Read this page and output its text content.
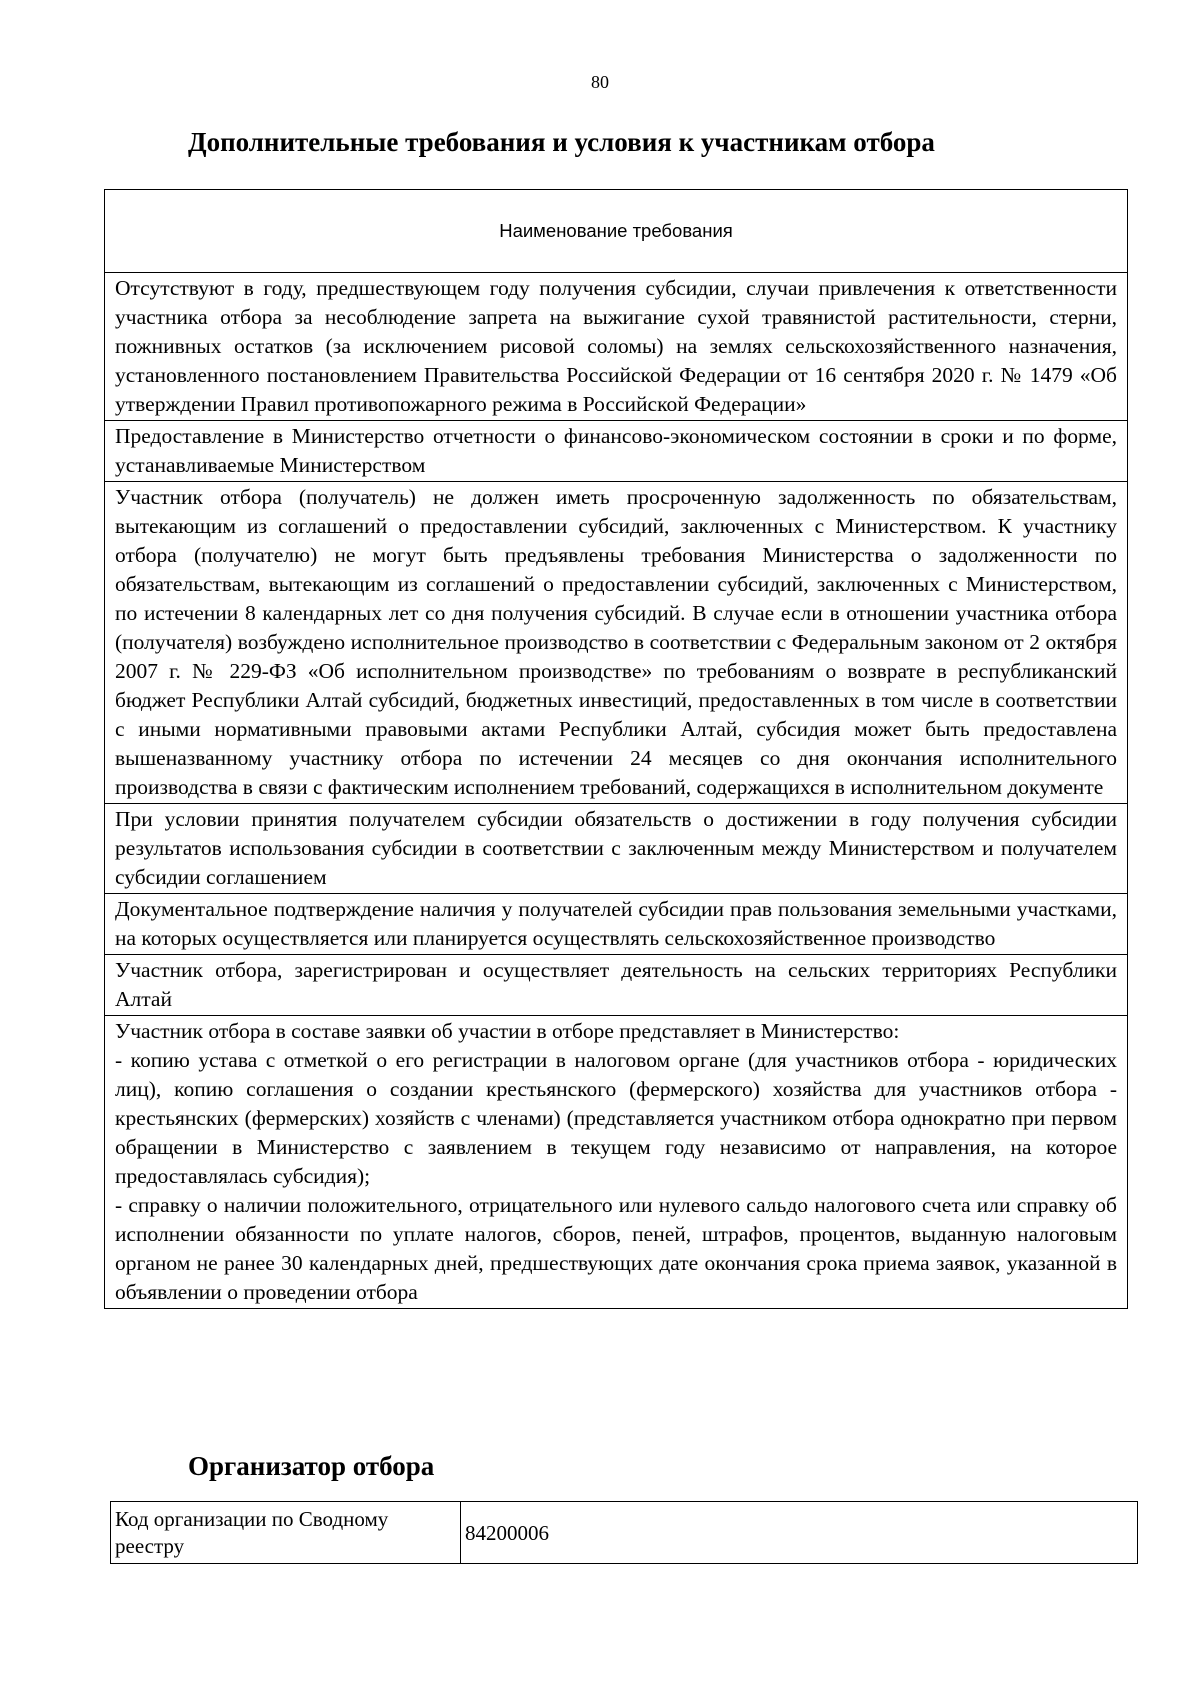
80
Дополнительные требования и условия к участникам отбора
Наименование требования

Отсутствуют в году, предшествующем году получения субсидии, случаи привлечения к ответственности участника отбора за несоблюдение запрета на выжигание сухой травянистой растительности, стерни, пожнивных остатков (за исключением рисовой соломы) на землях сельскохозяйственного назначения, установленного постановлением Правительства Российской Федерации от 16 сентября 2020 г. № 1479 «Об утверждении Правил противопожарного режима в Российской Федерации»

Предоставление в Министерство отчетности о финансово-экономическом состоянии в сроки и по форме, устанавливаемые Министерством

Участник отбора (получатель) не должен иметь просроченную задолженность по обязательствам, вытекающим из соглашений о предоставлении субсидий, заключенных с Министерством. К участнику отбора (получателю) не могут быть предъявлены требования Министерства о задолженности по обязательствам, вытекающим из соглашений о предоставлении субсидий, заключенных с Министерством, по истечении 8 календарных лет со дня получения субсидий. В случае если в отношении участника отбора (получателя) возбуждено исполнительное производство в соответствии с Федеральным законом от 2 октября 2007 г. № 229-ФЗ «Об исполнительном производстве» по требованиям о возврате в республиканский бюджет Республики Алтай субсидий, бюджетных инвестиций, предоставленных в том числе в соответствии с иными нормативными правовыми актами Республики Алтай, субсидия может быть предоставлена вышеназванному участнику отбора по истечении 24 месяцев со дня окончания исполнительного производства в связи с фактическим исполнением требований, содержащихся в исполнительном документе

При условии принятия получателем субсидии обязательств о достижении в году получения субсидии результатов использования субсидии в соответствии с заключенным между Министерством и получателем субсидии соглашением

Документальное подтверждение наличия у получателей субсидии прав пользования земельными участками, на которых осуществляется или планируется осуществлять сельскохозяйственное производство

Участник отбора, зарегистрирован и осуществляет деятельность на сельских территориях Республики Алтай

Участник отбора в составе заявки об участии в отборе представляет в Министерство:
- копию устава с отметкой о его регистрации в налоговом органе (для участников отбора - юридических лиц), копию соглашения о создании крестьянского (фермерского) хозяйства для участников отбора - крестьянских (фермерских) хозяйств с членами) (представляется участником отбора однократно при первом обращении в Министерство с заявлением в текущем году независимо от направления, на которое предоставлялась субсидия);
- справку о наличии положительного, отрицательного или нулевого сальдо налогового счета или справку об исполнении обязанности по уплате налогов, сборов, пеней, штрафов, процентов, выданную налоговым органом не ранее 30 календарных дней, предшествующих дате окончания срока приема заявок, указанной в объявлении о проведении отбора
Организатор отбора
Код организации по Сводному реестру	84200006
